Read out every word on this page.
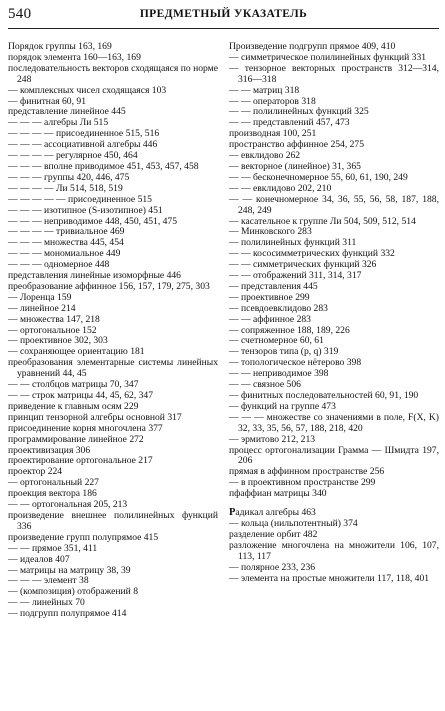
540	ПРЕДМЕТНЫЙ УКАЗАТЕЛЬ
Порядок группы 163, 169
порядок элемента 160—163, 169
последовательность векторов сходящаяся по норме 248
— комплексных чисел сходящаяся 103
— финитная 60, 91
представление линейное 445
— — — алгебры Ли 515
— — — — присоединенное 515, 516
— — — ассоциативной алгебры 446
— — — — регулярное 450, 464
— — — вполне приводимое 451, 453, 457, 458
— — — группы 420, 446, 475
— — — — Ли 514, 518, 519
— — — — — присоединенное 515
— — — изотипное (S-изотипное) 451
— — — неприводимое 448, 450, 451, 475
— — — — тривиальное 469
— — — множества 445, 454
— — — мономиальное 449
— — — одномерное 448
представления линейные изоморфные 446
преобразование аффинное 156, 157, 179, 275, 303
— Лоренца 159
— линейное 214
— множества 147, 218
— ортогональное 152
— проективное 302, 303
— сохраняющее ориентацию 181
преобразования элементарные системы линейных уравнений 44, 45
— — столбцов матрицы 70, 347
— — строк матрицы 44, 45, 62, 347
приведение к главным осям 229
принцип тензорной алгебры основной 317
присоединение корня многочлена 377
программирование линейное 272
проективизация 306
проектирование ортогональное 217
проектор 224
— ортогональный 227
проекция вектора 186
— — ортогональная 205, 213
произведение внешнее полилинейных функций 336
произведение групп полупрямое 415
— — прямое 351, 411
— идеалов 407
— матрицы на матрицу 38, 39
— — — элемент 38
— (композиция) отображений 8
— — линейных 70
— подгрупп полупрямое 414
Произведение подгрупп прямое 409, 410
— симметрическое полилинейных функций 331
— тензорное векторных пространств 312—314, 316—318
— — матриц 318
— — операторов 318
— — полилинейных функций 325
— — представлений 457, 473
производная 100, 251
пространство аффинное 254, 275
— евклидово 262
— векторное (линейное) 31, 365
— — бесконечномерное 55, 60, 61, 190, 249
— — евклидово 202, 210
— — конечномерное 34, 36, 55, 56, 58, 187, 188, 248, 249
— касательное к группе Ли 504, 509, 512, 514
— Минковского 283
— полилинейных функций 311
— — кососимметрических функций 332
— — симметрических функций 326
— — отображений 311, 314, 317
— представления 445
— проективное 299
— псевдоевклидово 283
— — аффинное 283
— сопряженное 188, 189, 226
— счетномерное 60, 61
— тензоров типа (p, q) 319
— топологическое нётерово 398
— — неприводимое 398
— — связное 506
— финитных последовательностей 60, 91, 190
— функций на группе 473
— — — множестве со значениями в поле, F(X, K) 32, 33, 35, 56, 57, 188, 218, 420
— эрмитово 212, 213
процесс ортогонализации Грамма — Шмидта 197, 206
прямая в аффинном пространстве 256
— в проективном пространстве 299
пфаффиан матрицы 340
Радикал алгебры 463
— кольца (нильпотентный) 374
разделение орбит 482
разложение многочлена на множители 106, 107, 113, 117
— полярное 233, 236
— элемента на простые множители 117, 118, 401
